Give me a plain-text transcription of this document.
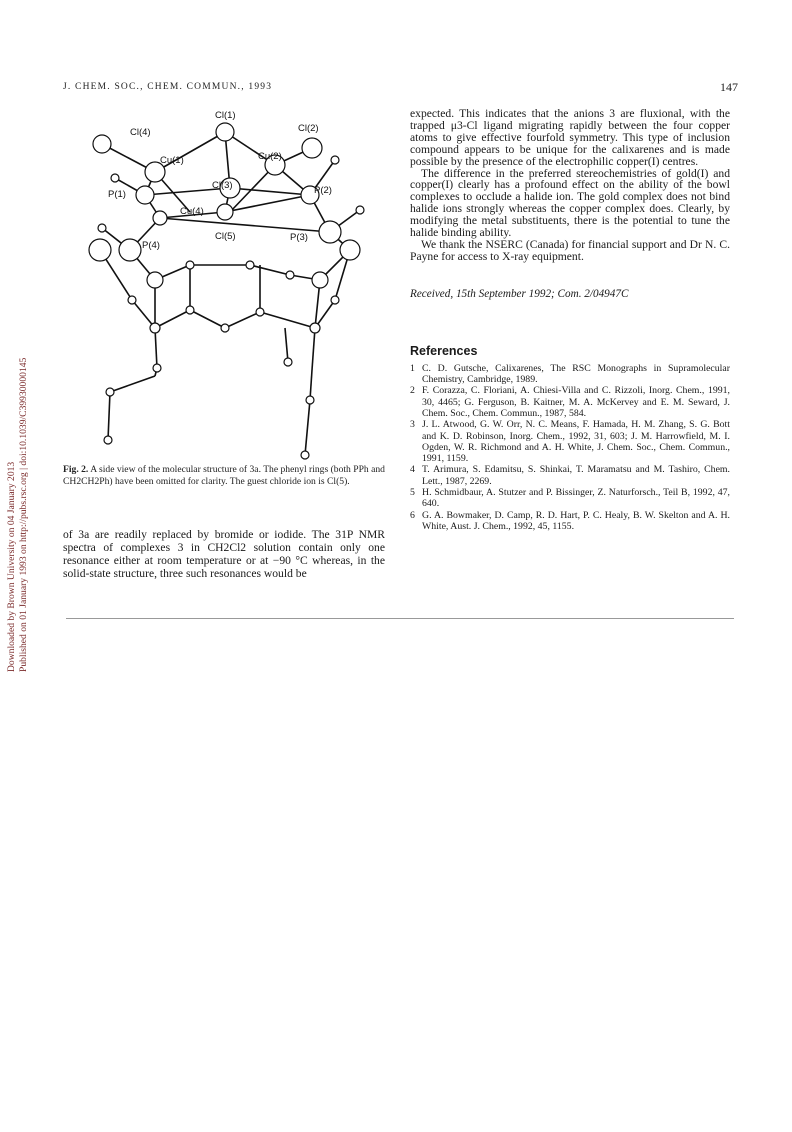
Downloaded by Brown University on 04 January 2013 Published on 01 January 1993 on http://pubs.rsc.org | doi:10.1039/C39930000145
J. CHEM. SOC., CHEM. COMMUN., 1993	147
Cl(1)
Cl(4)	Cl(2)
Cu(1)	Cu(2)
Cl(3)
P(1)	P(2)
Cu(4)
Cl(5)	P(3)
P(4)
Fig. 2. A side view of the molecular structure of 3a. The phenyl rings (both PPh and CH2CH2Ph) have been omitted for clarity. The guest chloride ion is Cl(5).

of 3a are readily replaced by bromide or iodide. The 31P NMR spectra of complexes 3 in CH2Cl2 solution contain only one resonance either at room temperature or at −90 °C whereas, in the solid-state structure, three such resonances would be

expected. This indicates that the anions 3 are fluxional, with the trapped μ3-Cl ligand migrating rapidly between the four copper atoms to give effective fourfold symmetry. This type of inclusion compound appears to be unique for the calixarenes and is made possible by the presence of the electrophilic copper(I) centres.

The difference in the preferred stereochemistries of gold(I) and copper(I) clearly has a profound effect on the ability of the bowl complexes to occlude a halide ion. The gold complex does not bind halide ions strongly whereas the copper complex does. Clearly, by modifying the metal substituents, there is the potential to tune the halide binding ability.

We thank the NSERC (Canada) for financial support and Dr N. C. Payne for access to X-ray equipment.

Received, 15th September 1992; Com. 2/04947C
References
1 C. D. Gutsche, Calixarenes, The RSC Monographs in Supramolecular Chemistry, Cambridge, 1989.
2 F. Corazza, C. Floriani, A. Chiesi-Villa and C. Rizzoli, Inorg. Chem., 1991, 30, 4465; G. Ferguson, B. Kaitner, M. A. McKervey and E. M. Seward, J. Chem. Soc., Chem. Commun., 1987, 584.
3 J. L. Atwood, G. W. Orr, N. C. Means, F. Hamada, H. M. Zhang, S. G. Bott and K. D. Robinson, Inorg. Chem., 1992, 31, 603; J. M. Harrowfield, M. I. Ogden, W. R. Richmond and A. H. White, J. Chem. Soc., Chem. Commun., 1991, 1159.
4 T. Arimura, S. Edamitsu, S. Shinkai, T. Maramatsu and M. Tashiro, Chem. Lett., 1987, 2269.
5 H. Schmidbaur, A. Stutzer and P. Bissinger, Z. Naturforsch., Teil B, 1992, 47, 640.
6 G. A. Bowmaker, D. Camp, R. D. Hart, P. C. Healy, B. W. Skelton and A. H. White, Aust. J. Chem., 1992, 45, 1155.
